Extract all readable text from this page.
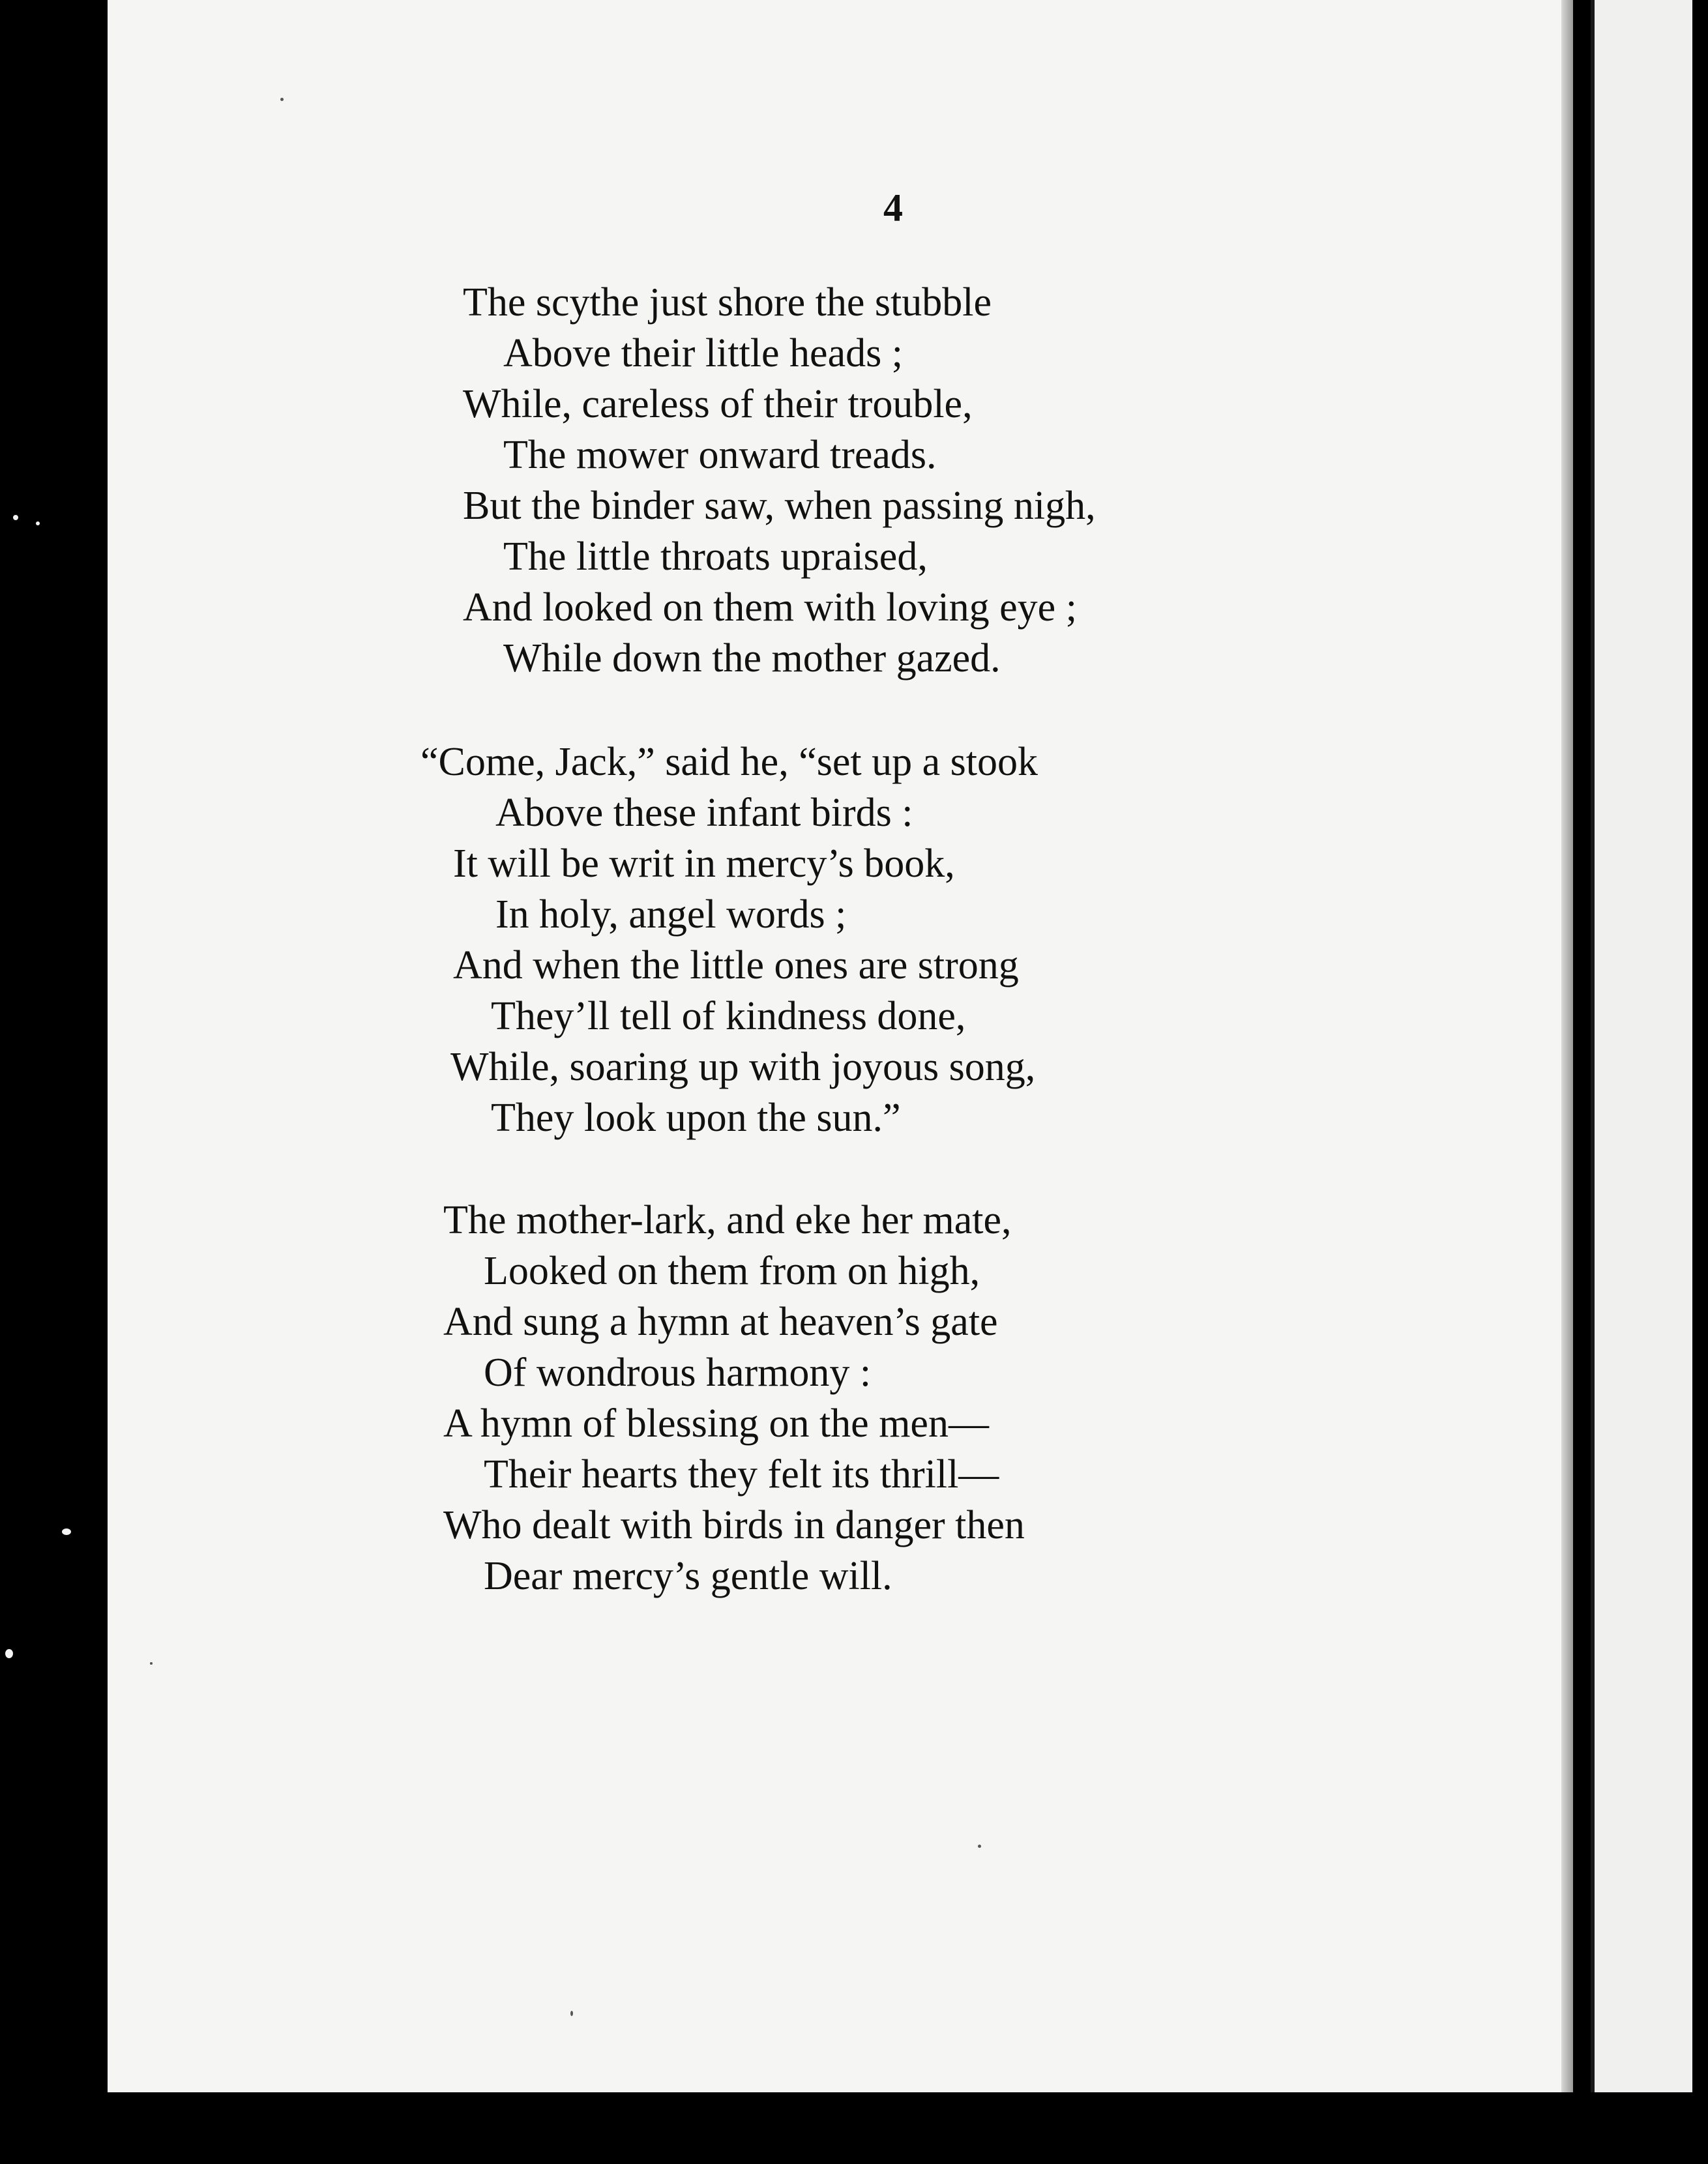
4
The scythe just shore the stubble
Above their little heads ;
While, careless of their trouble,
The mower onward treads.
But the binder saw, when passing nigh,
The little throats upraised,
And looked on them with loving eye ;
While down the mother gazed.
“Come, Jack,” said he, “set up a stook
Above these infant birds :
It will be writ in mercy’s book,
In holy, angel words ;
And when the little ones are strong
They’ll tell of kindness done,
While, soaring up with joyous song,
They look upon the sun.”
The mother-lark, and eke her mate,
Looked on them from on high,
And sung a hymn at heaven’s gate
Of wondrous harmony :
A hymn of blessing on the men—
Their hearts they felt its thrill—
Who dealt with birds in danger then
Dear mercy’s gentle will.
